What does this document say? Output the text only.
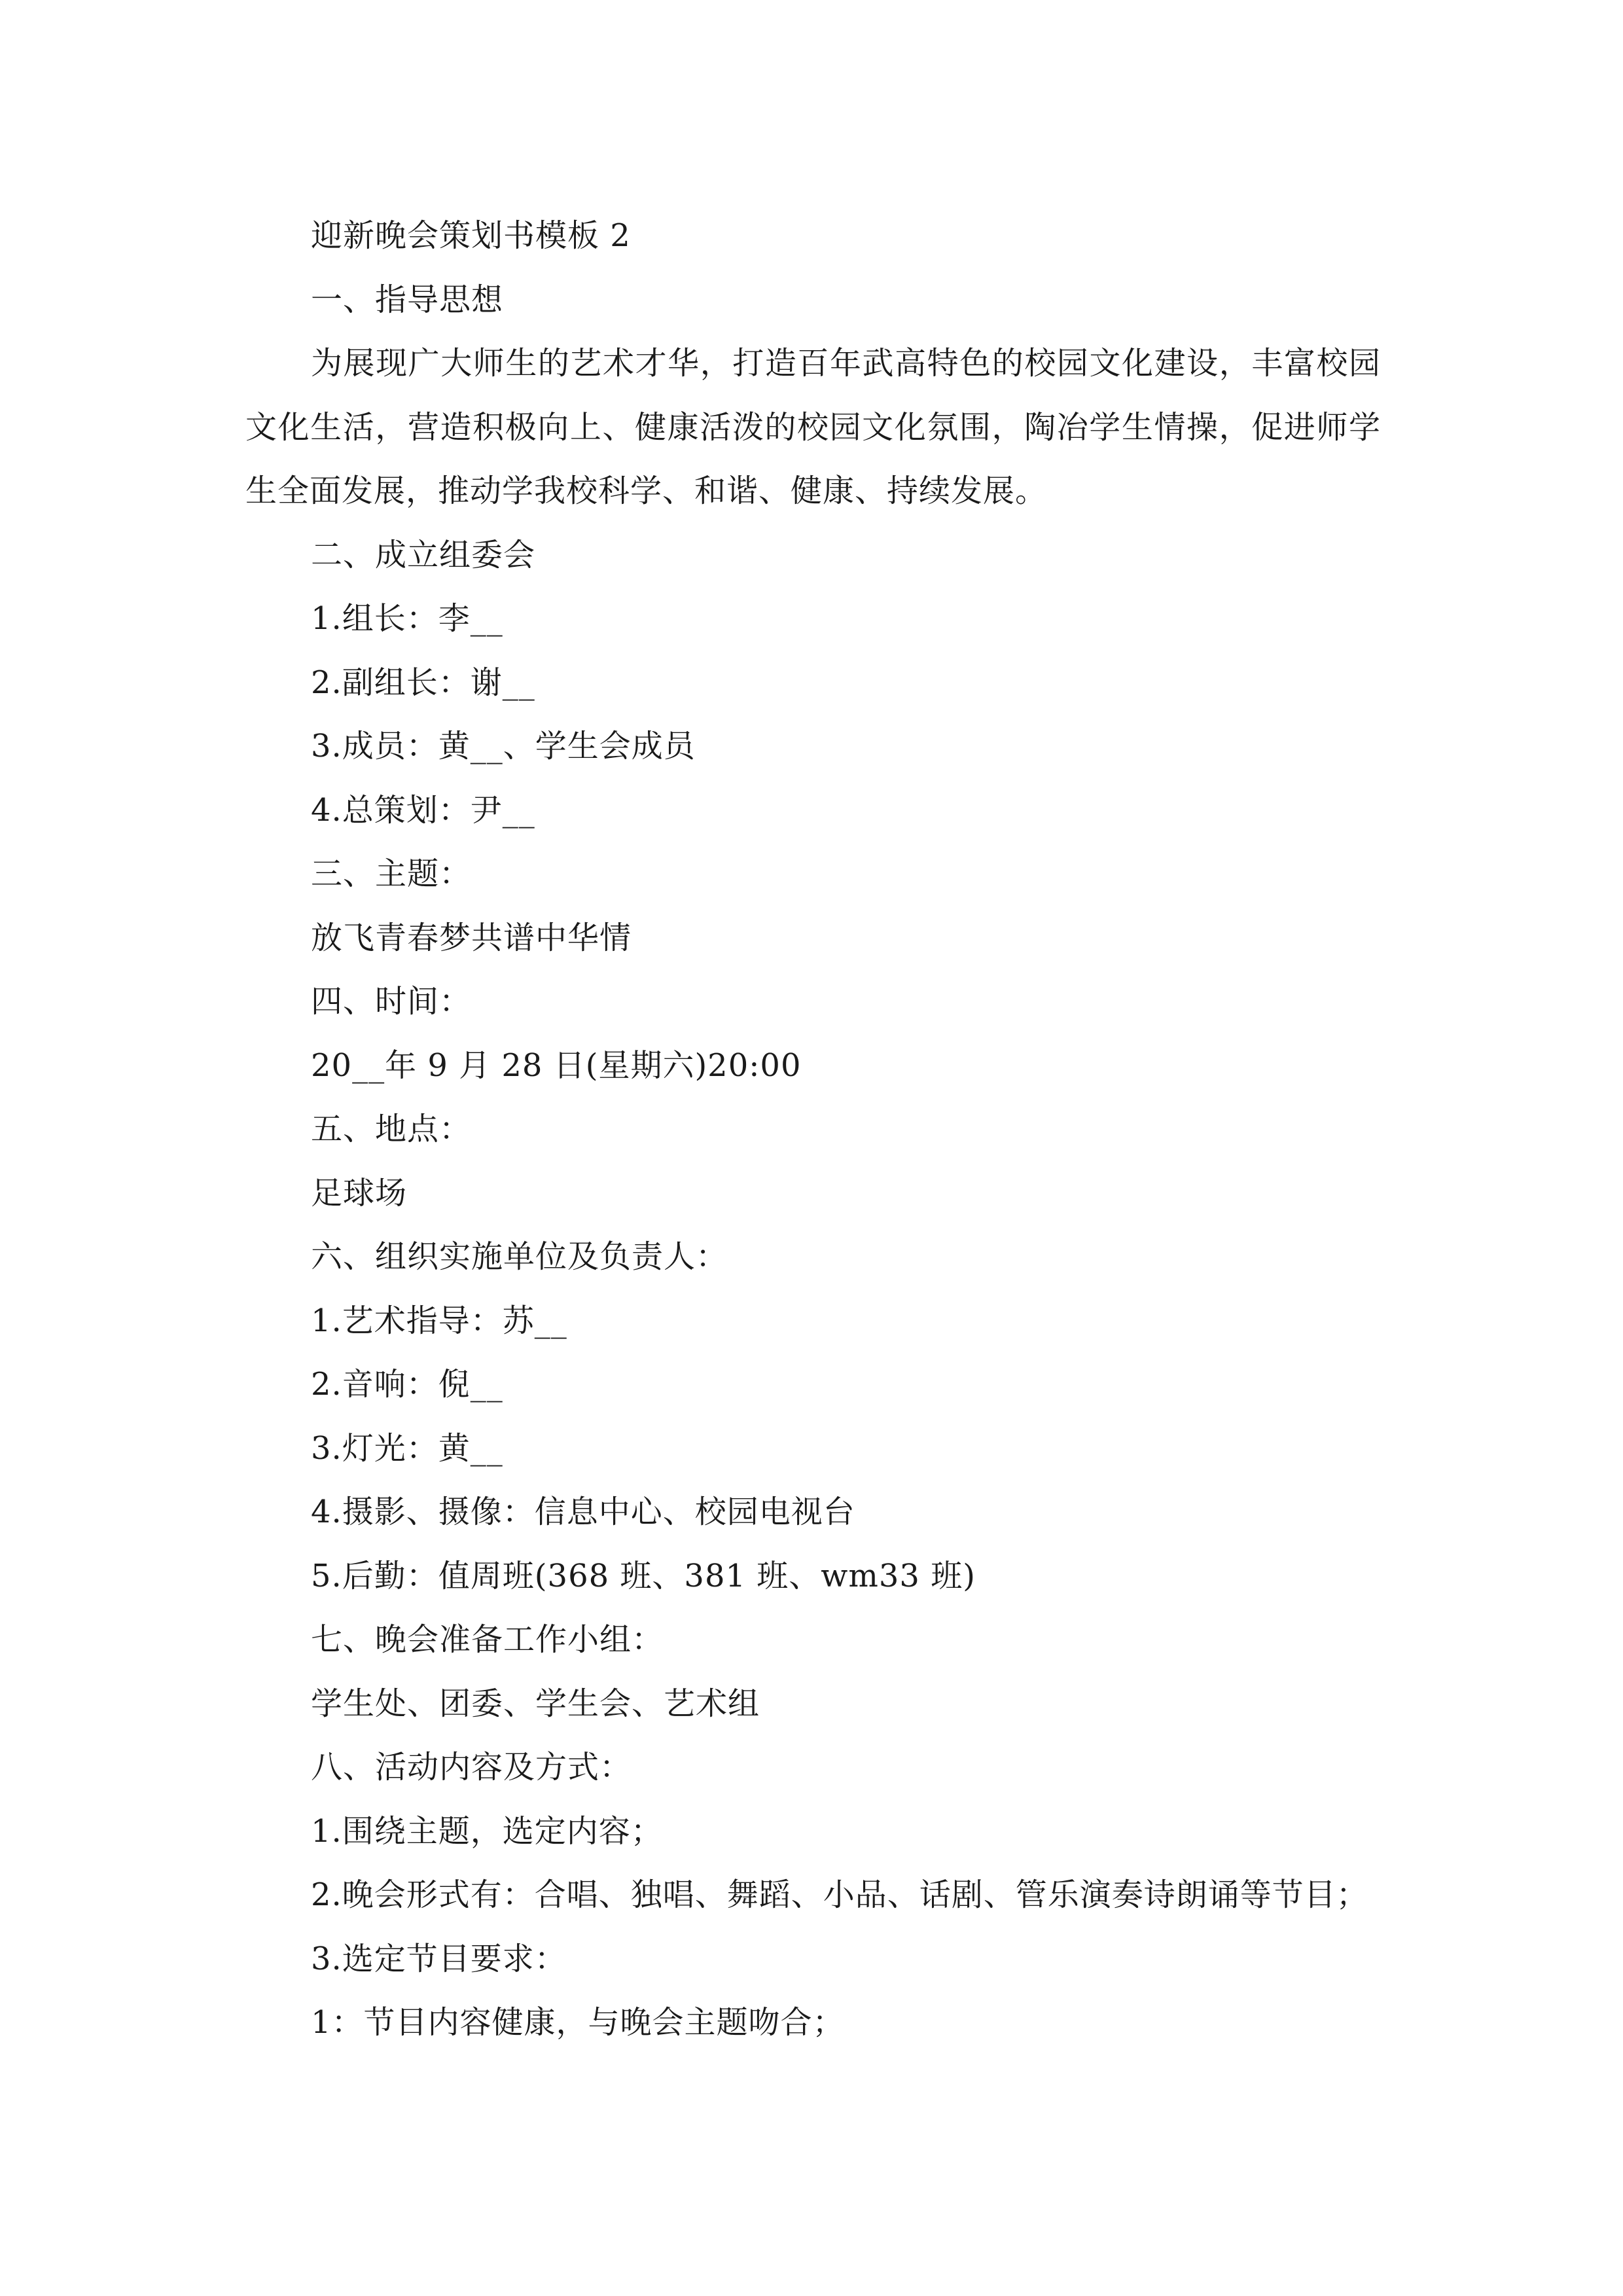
迎新晚会策划书模板 2
一、指导思想
为展现广大师生的艺术才华，打造百年武高特色的校园文化建设，丰富校园文化生活，营造积极向上、健康活泼的校园文化氛围，陶冶学生情操，促进师学生全面发展，推动学我校科学、和谐、健康、持续发展。
二、成立组委会
1.组长：李__
2.副组长：谢__
3.成员：黄__、学生会成员
4.总策划：尹__
三、主题：
放飞青春梦共谱中华情
四、时间：
20__年 9 月 28 日(星期六)20:00
五、地点：
足球场
六、组织实施单位及负责人：
1.艺术指导：苏__
2.音响：倪__
3.灯光：黄__
4.摄影、摄像：信息中心、校园电视台
5.后勤：值周班(368 班、381 班、wm33 班)
七、晚会准备工作小组：
学生处、团委、学生会、艺术组
八、活动内容及方式：
1.围绕主题，选定内容；
2.晚会形式有：合唱、独唱、舞蹈、小品、话剧、管乐演奏诗朗诵等节目；
3.选定节目要求：
1：节目内容健康，与晚会主题吻合；
